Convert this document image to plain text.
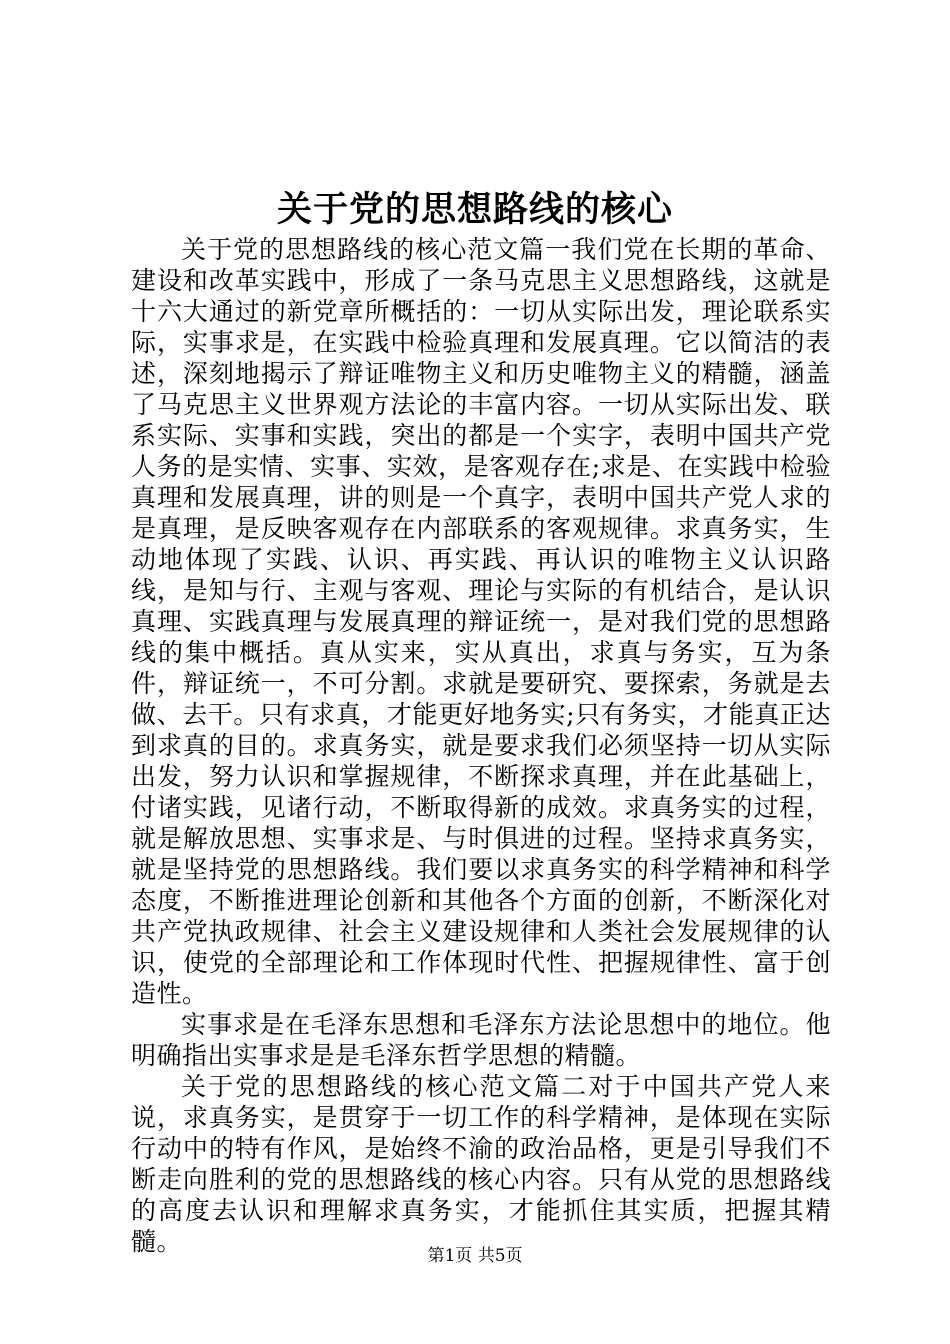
关于党的思想路线的核心

关于党的思想路线的核心范文篇一我们党在长期的革命、建设和改革实践中，形成了一条马克思主义思想路线，这就是十六大通过的新党章所概括的：一切从实际出发，理论联系实际，实事求是，在实践中检验真理和发展真理。它以简洁的表述，深刻地揭示了辩证唯物主义和历史唯物主义的精髓，涵盖了马克思主义世界观方法论的丰富内容。一切从实际出发、联系实际、实事和实践，突出的都是一个实字，表明中国共产党人务的是实情、实事、实效，是客观存在;求是、在实践中检验真理和发展真理，讲的则是一个真字，表明中国共产党人求的是真理，是反映客观存在内部联系的客观规律。求真务实，生动地体现了实践、认识、再实践、再认识的唯物主义认识路线，是知与行、主观与客观、理论与实际的有机结合，是认识真理、实践真理与发展真理的辩证统一，是对我们党的思想路线的集中概括。真从实来，实从真出，求真与务实，互为条件，辩证统一，不可分割。求就是要研究、要探索，务就是去做、去干。只有求真，才能更好地务实;只有务实，才能真正达到求真的目的。求真务实，就是要求我们必须坚持一切从实际出发，努力认识和掌握规律，不断探求真理，并在此基础上，付诸实践，见诸行动，不断取得新的成效。求真务实的过程，就是解放思想、实事求是、与时俱进的过程。坚持求真务实，就是坚持党的思想路线。我们要以求真务实的科学精神和科学态度，不断推进理论创新和其他各个方面的创新，不断深化对共产党执政规律、社会主义建设规律和人类社会发展规律的认识，使党的全部理论和工作体现时代性、把握规律性、富于创造性。

实事求是在毛泽东思想和毛泽东方法论思想中的地位。他明确指出实事求是是毛泽东哲学思想的精髓。

关于党的思想路线的核心范文篇二对于中国共产党人来说，求真务实，是贯穿于一切工作的科学精神，是体现在实际行动中的特有作风，是始终不渝的政治品格，更是引导我们不断走向胜利的党的思想路线的核心内容。只有从党的思想路线的高度去认识和理解求真务实，才能抓住其实质，把握其精髓。	第1页 共5页
